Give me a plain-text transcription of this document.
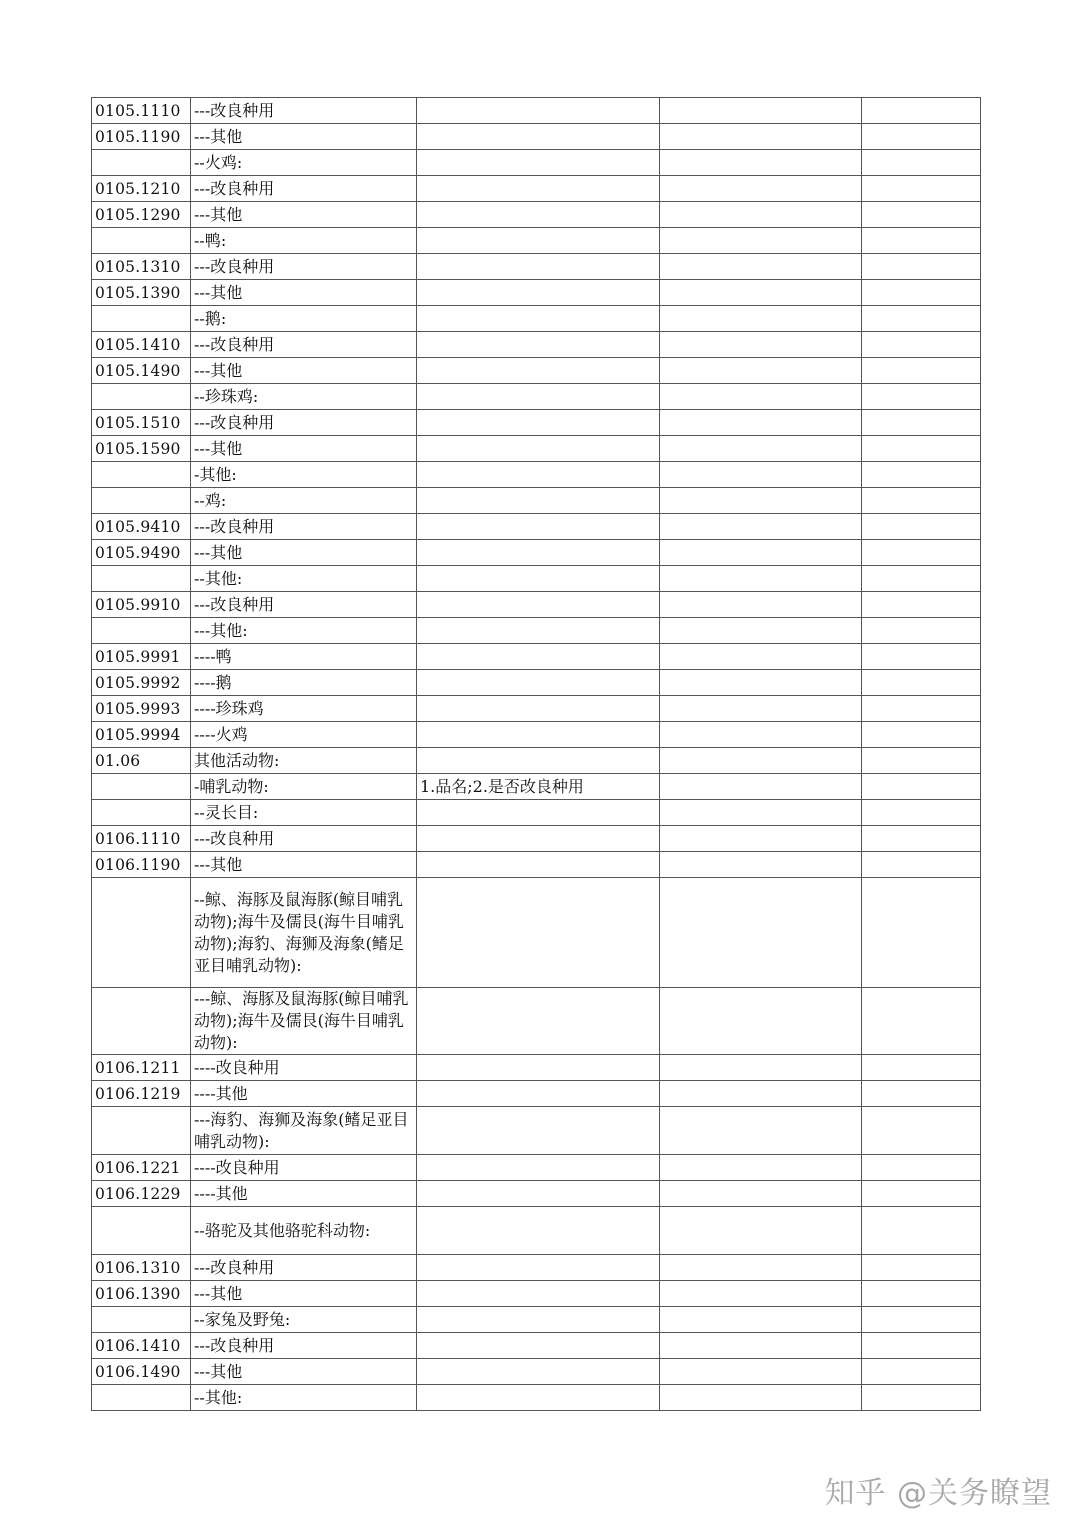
0105.1110	---改良种用			
0105.1190	---其他			
	--火鸡:			
0105.1210	---改良种用			
0105.1290	---其他			
	--鸭:			
0105.1310	---改良种用			
0105.1390	---其他			
	--鹅:			
0105.1410	---改良种用			
0105.1490	---其他			
	--珍珠鸡:			
0105.1510	---改良种用			
0105.1590	---其他			
	-其他:			
	--鸡:			
0105.9410	---改良种用			
0105.9490	---其他			
	--其他:			
0105.9910	---改良种用			
	---其他:			
0105.9991	----鸭			
0105.9992	----鹅			
0105.9993	----珍珠鸡			
0105.9994	----火鸡			
01.06	其他活动物:			
	-哺乳动物:	1.品名;2.是否改良种用		
	--灵长目:			
0106.1110	---改良种用			
0106.1190	---其他			
	--鲸、海豚及鼠海豚(鲸目哺乳动物);海牛及儒艮(海牛目哺乳动物);海豹、海狮及海象(鳍足亚目哺乳动物):			
	---鲸、海豚及鼠海豚(鲸目哺乳动物);海牛及儒艮(海牛目哺乳动物):			
0106.1211	----改良种用			
0106.1219	----其他			
	---海豹、海狮及海象(鳍足亚目哺乳动物):			
0106.1221	----改良种用			
0106.1229	----其他			
	--骆驼及其他骆驼科动物:			
0106.1310	---改良种用			
0106.1390	---其他			
	--家兔及野兔:			
0106.1410	---改良种用			
0106.1490	---其他			
	--其他:			
知乎 @关务瞭望
